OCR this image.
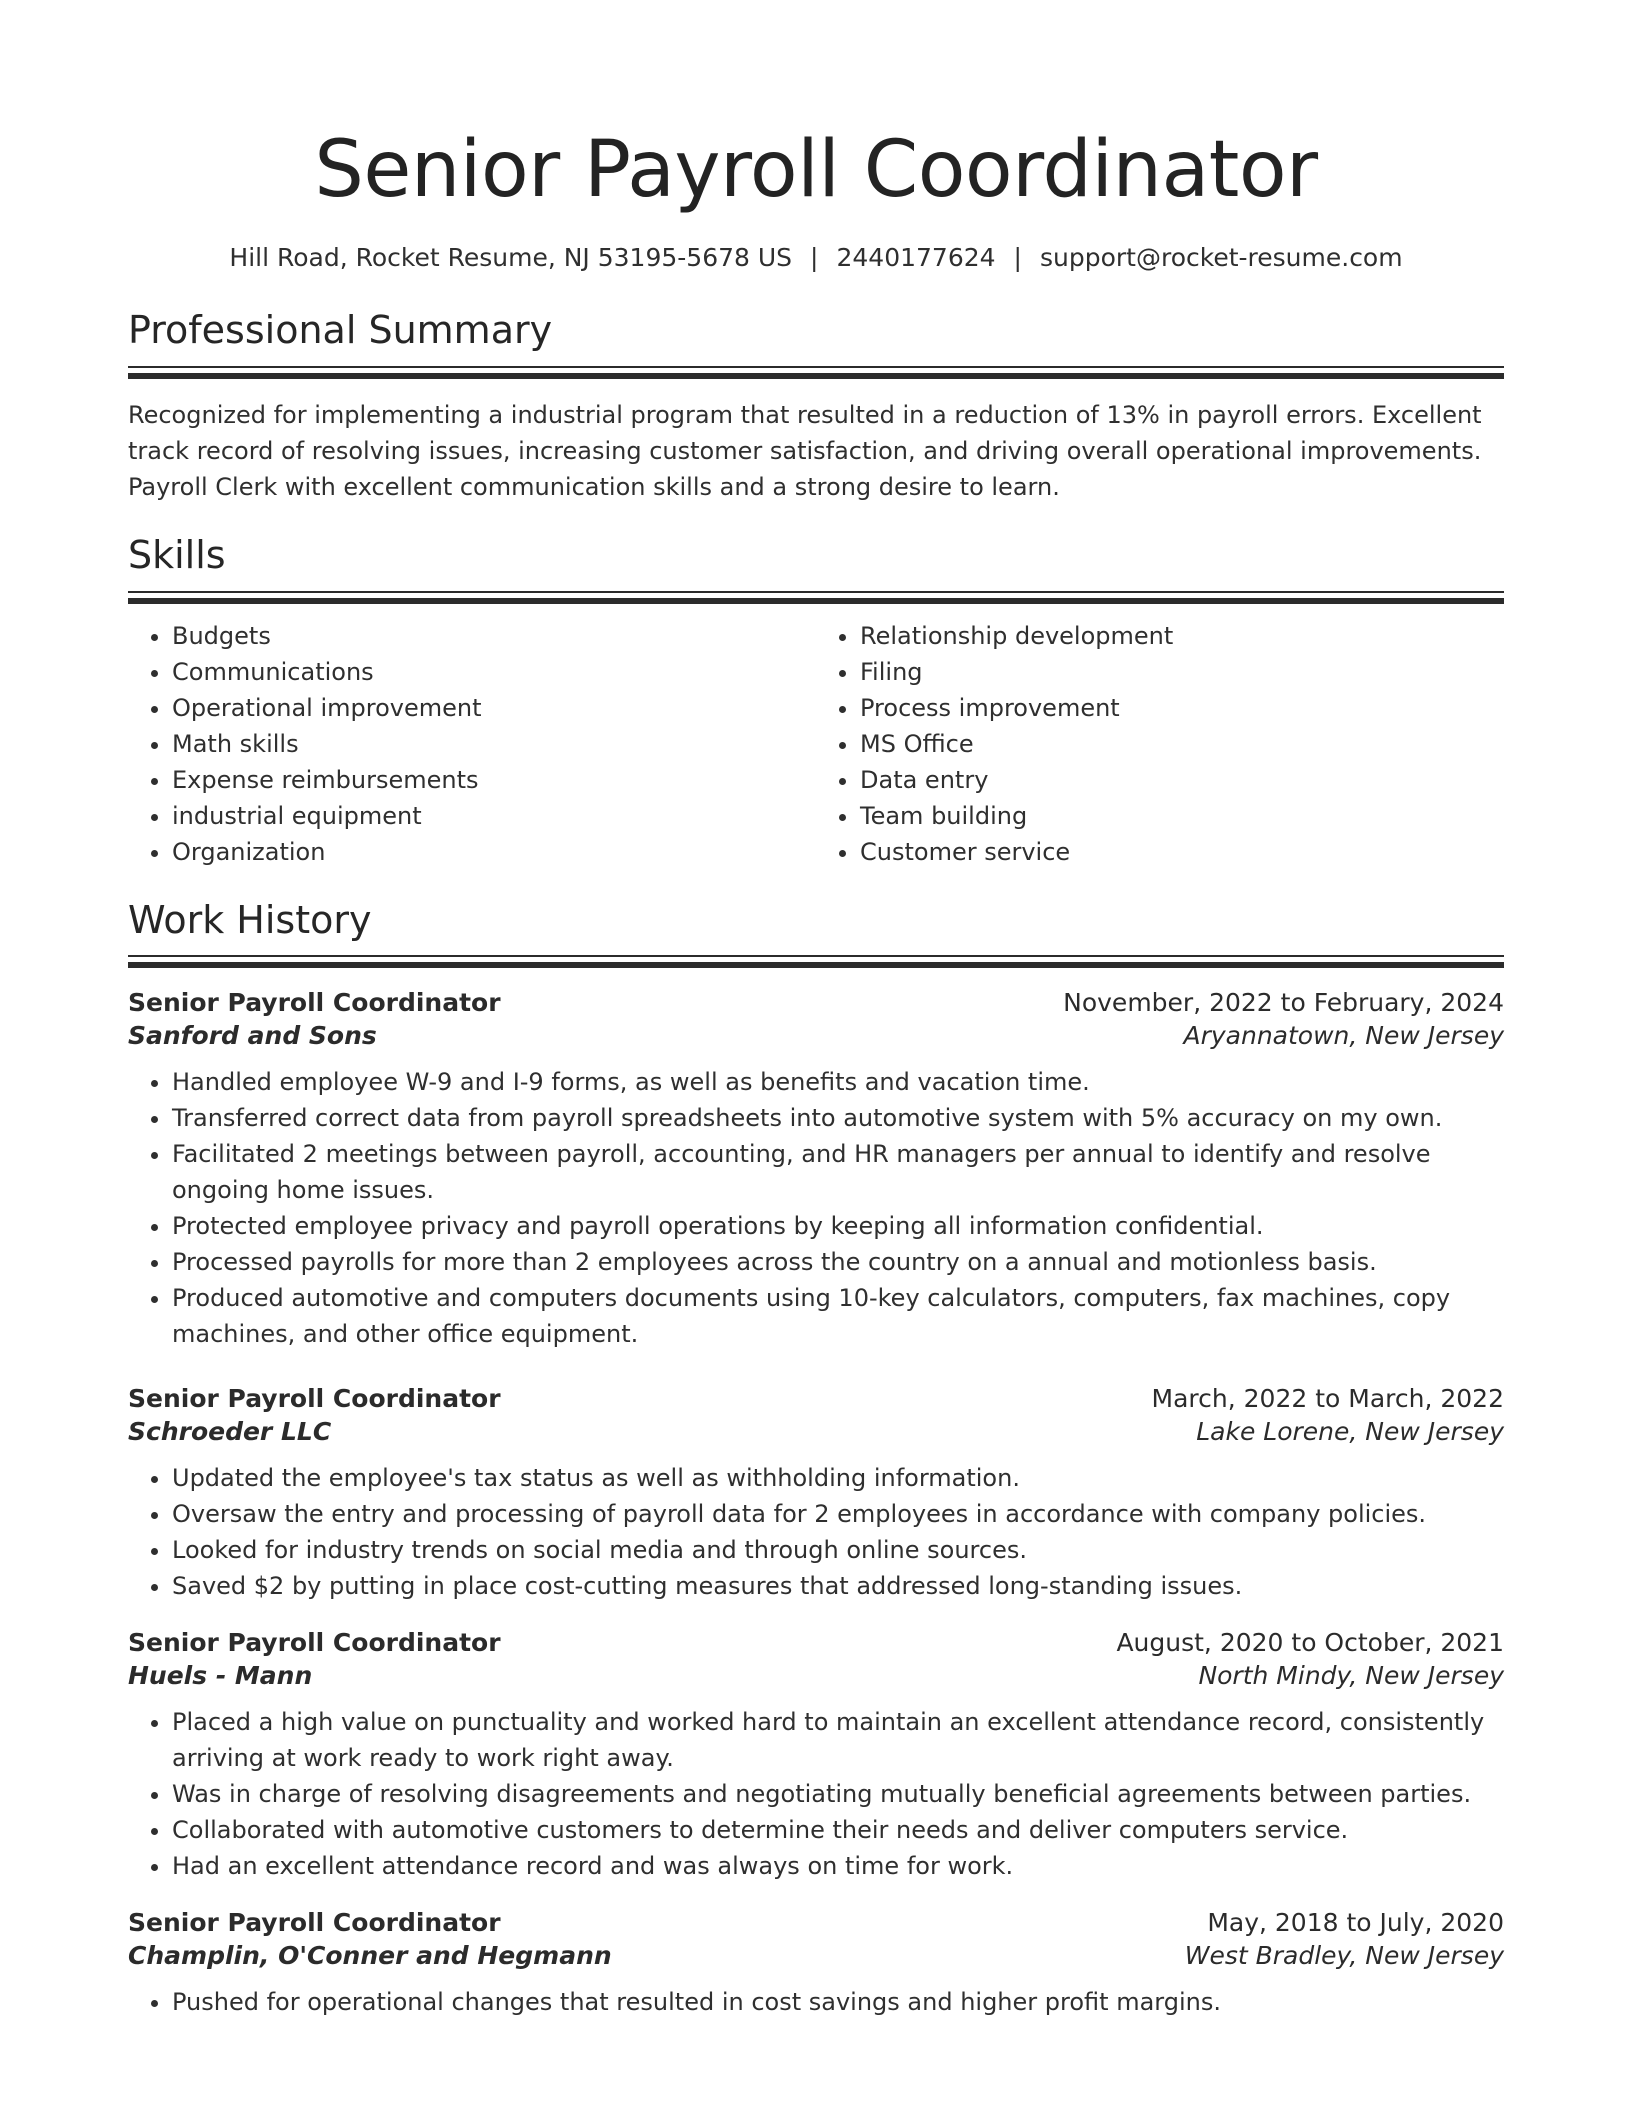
Senior Payroll Coordinator
Hill Road, Rocket Resume, NJ 53195-5678 US | 2440177624 | support@rocket-resume.com
Professional Summary

Recognized for implementing a industrial program that resulted in a reduction of 13% in payroll errors. Excellent track record of resolving issues, increasing customer satisfaction, and driving overall operational improvements. Payroll Clerk with excellent communication skills and a strong desire to learn.

Skills
• Budgets
• Communications
• Operational improvement
• Math skills
• Expense reimbursements
• industrial equipment
• Organization
• Relationship development
• Filing
• Process improvement
• MS Office
• Data entry
• Team building
• Customer service
Work History
Senior Payroll Coordinator	November, 2022 to February, 2024
Sanford and Sons	Aryannatown, New Jersey
• Handled employee W-9 and I-9 forms, as well as benefits and vacation time.
• Transferred correct data from payroll spreadsheets into automotive system with 5% accuracy on my own.
• Facilitated 2 meetings between payroll, accounting, and HR managers per annual to identify and resolve ongoing home issues.
• Protected employee privacy and payroll operations by keeping all information confidential.
• Processed payrolls for more than 2 employees across the country on a annual and motionless basis.
• Produced automotive and computers documents using 10-key calculators, computers, fax machines, copy machines, and other office equipment.
Senior Payroll Coordinator	March, 2022 to March, 2022
Schroeder LLC	Lake Lorene, New Jersey
• Updated the employee's tax status as well as withholding information.
• Oversaw the entry and processing of payroll data for 2 employees in accordance with company policies.
• Looked for industry trends on social media and through online sources.
• Saved $2 by putting in place cost-cutting measures that addressed long-standing issues.
Senior Payroll Coordinator	August, 2020 to October, 2021
Huels - Mann	North Mindy, New Jersey
• Placed a high value on punctuality and worked hard to maintain an excellent attendance record, consistently arriving at work ready to work right away.
• Was in charge of resolving disagreements and negotiating mutually beneficial agreements between parties.
• Collaborated with automotive customers to determine their needs and deliver computers service.
• Had an excellent attendance record and was always on time for work.
Senior Payroll Coordinator	May, 2018 to July, 2020
Champlin, O'Conner and Hegmann	West Bradley, New Jersey
• Pushed for operational changes that resulted in cost savings and higher profit margins.
